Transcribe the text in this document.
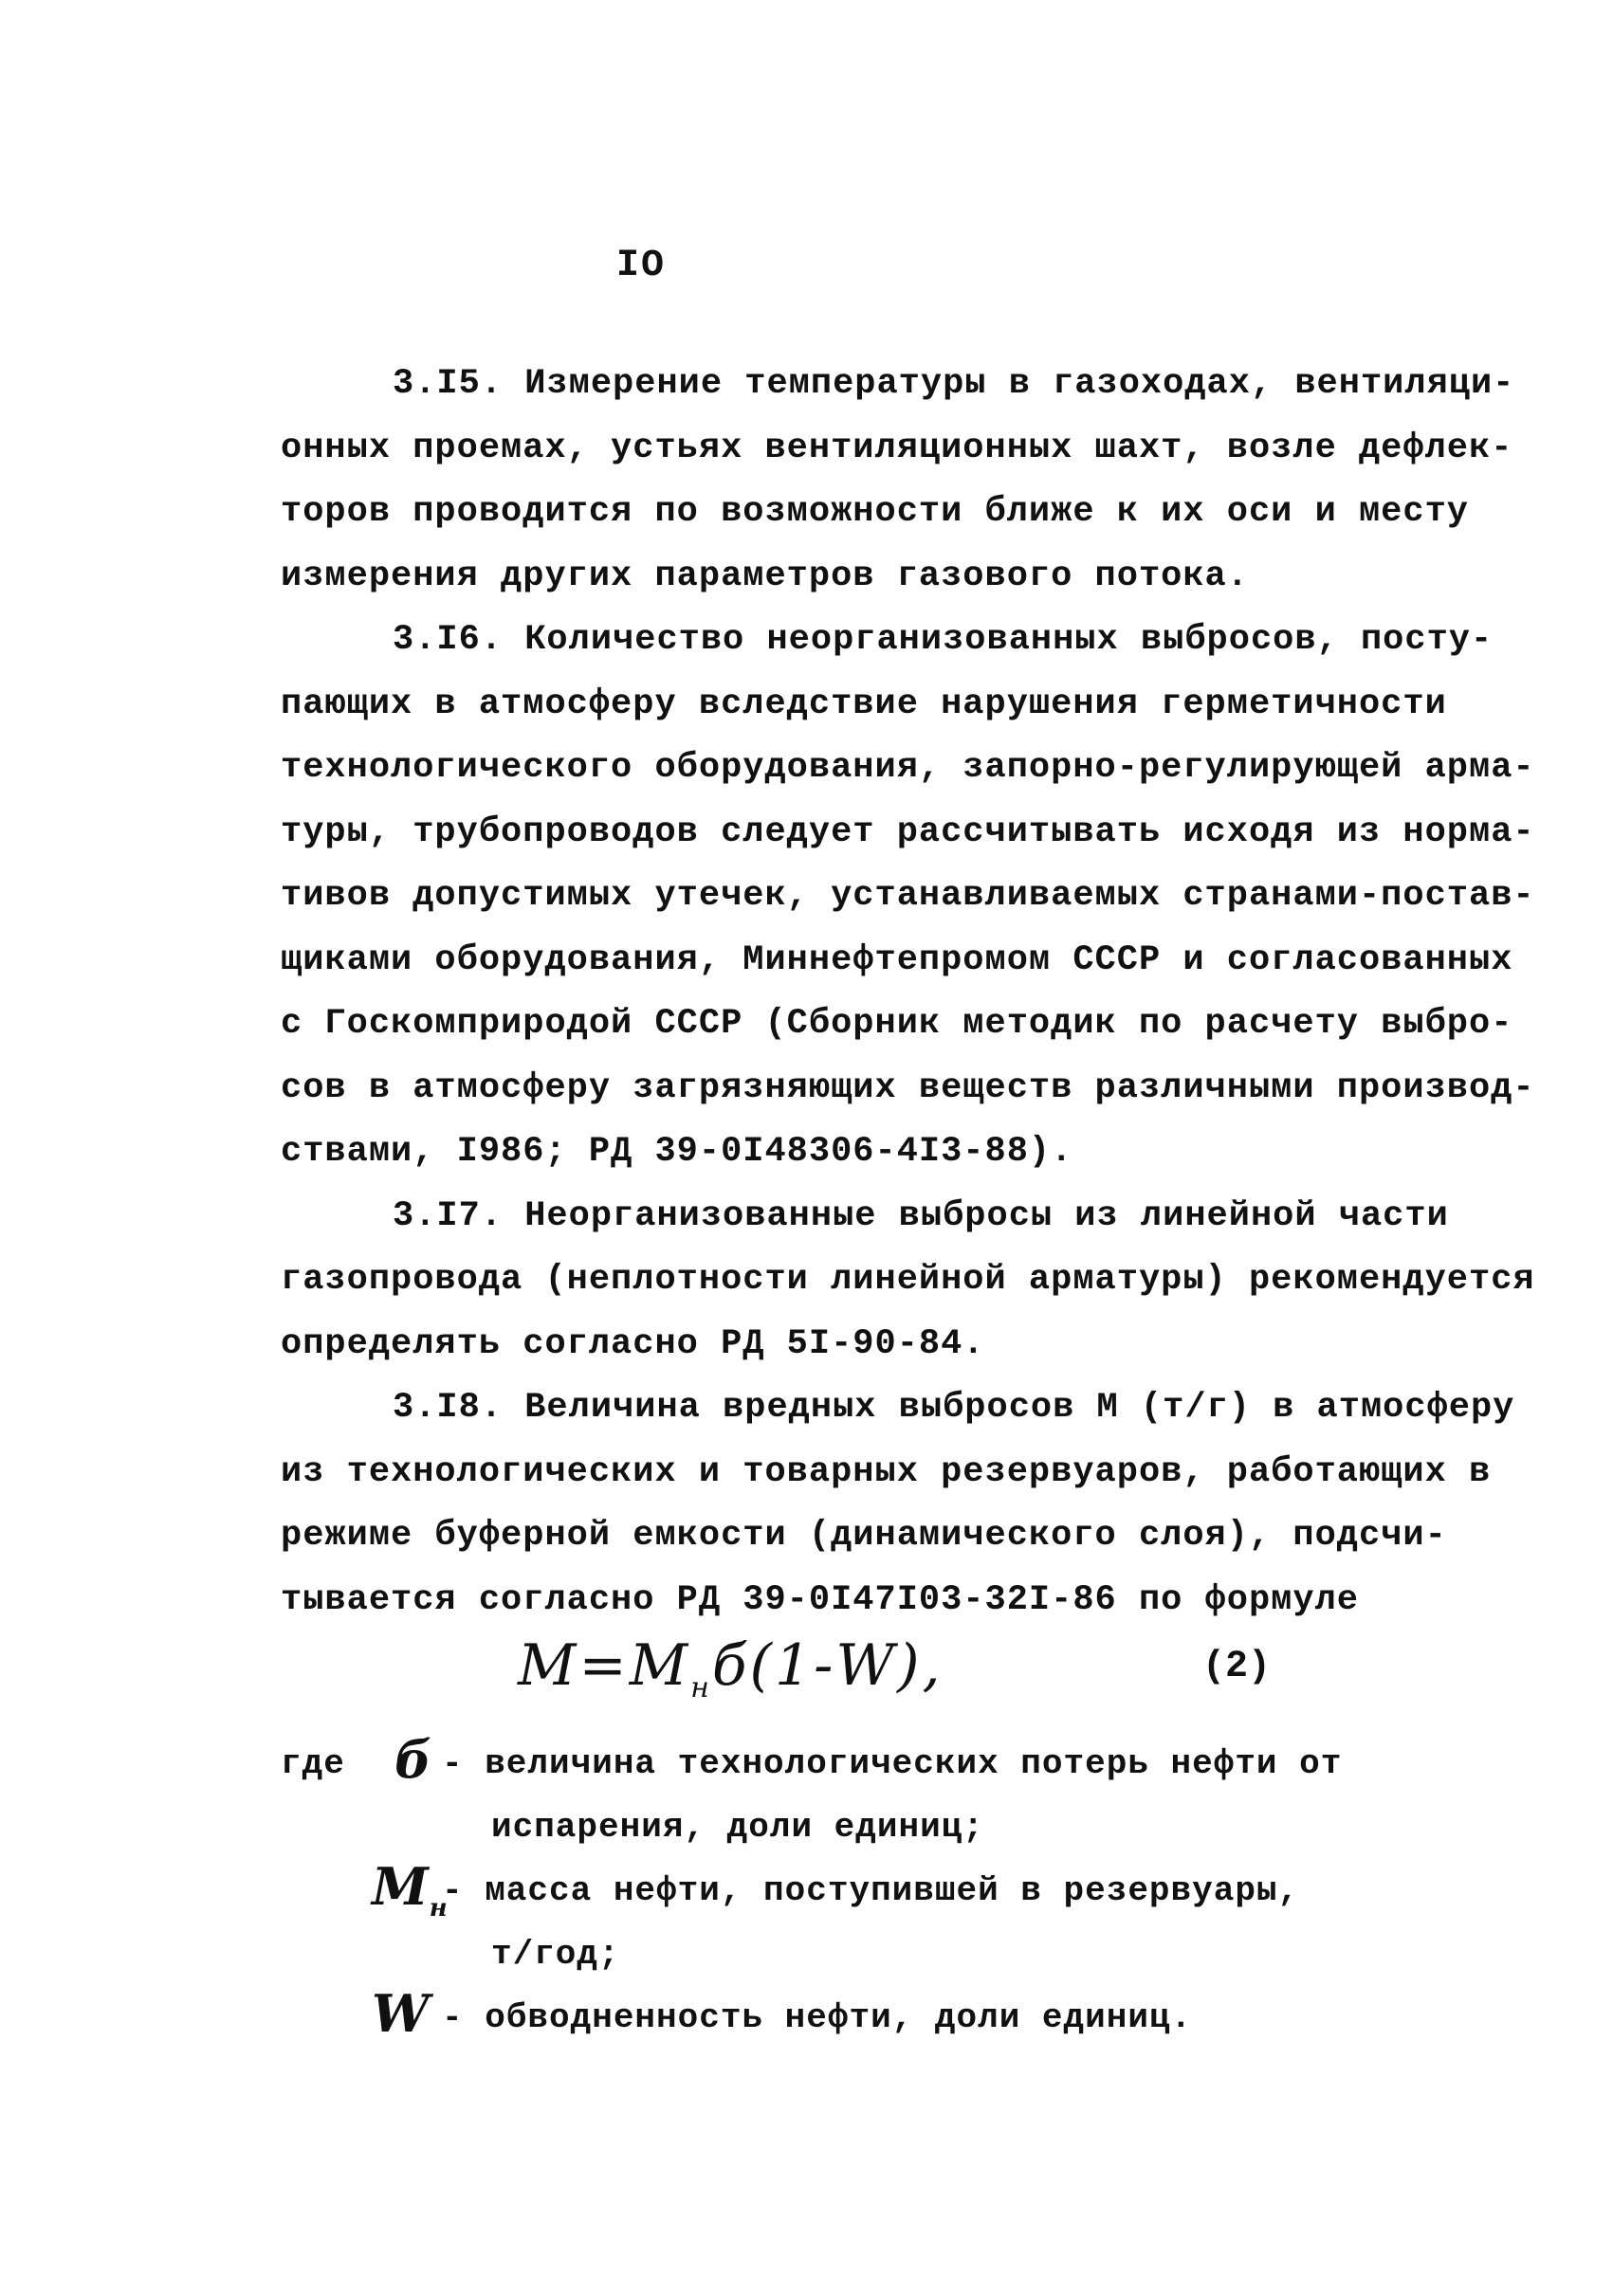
IO

3.I5. Измерение температуры в газоходах, вентиляци-
онных проемах, устьях вентиляционных шахт, возле дефлек-
торов проводится по возможности ближе к их оси и месту
измерения других параметров газового потока.

3.I6. Количество неорганизованных выбросов, посту-
пающих в атмосферу вследствие нарушения герметичности
технологического оборудования, запорно-регулирующей арма-
туры, трубопроводов следует рассчитывать исходя из норма-
тивов допустимых утечек, устанавливаемых странами-постав-
щиками оборудования, Миннефтепромом СССР и согласованных
с Госкомприродой СССР (Сборник методик по расчету выбро-
сов в атмосферу загрязняющих веществ различными производ-
ствами, I986; РД 39-0I48306-4I3-88).

3.I7. Неорганизованные выбросы из линейной части
газопровода (неплотности линейной арматуры) рекомендуется
определять согласно РД 5I-90-84.

3.I8. Величина вредных выбросов M (т/г) в атмосферу
из технологических и товарных резервуаров, работающих в
режиме буферной емкости (динамического слоя), подсчи-
тывается согласно РД 39-0I47I03-32I-86 по формуле

$M=M_нб(1-W)$,	(2)
где б - величина технологических потерь нефти от
испарения, доли единиц;
$M_н$
- масса нефти, поступившей в резервуары,
т/год;
W - обводненность нефти, доли единиц.
